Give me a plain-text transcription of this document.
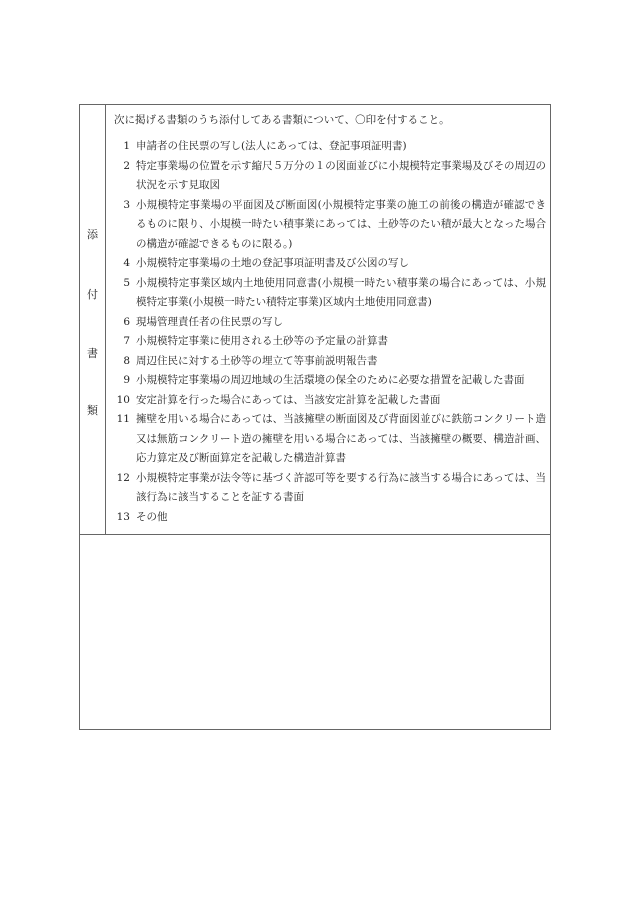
添
付
書
類
次に掲げる書類のうち添付してある書類について、〇印を付すること。
1 申請者の住民票の写し(法人にあっては、登記事項証明書)
2 特定事業場の位置を示す縮尺５万分の１の図面並びに小規模特定事業場及びその周辺の状況を示す見取図
3 小規模特定事業場の平面図及び断面図(小規模特定事業の施工の前後の構造が確認できるものに限り、小規模一時たい積事業にあっては、土砂等のたい積が最大となった場合の構造が確認できるものに限る。)
4 小規模特定事業場の土地の登記事項証明書及び公図の写し
5 小規模特定事業区域内土地使用同意書(小規模一時たい積事業の場合にあっては、小規模特定事業(小規模一時たい積特定事業)区域内土地使用同意書)
6 現場管理責任者の住民票の写し
7 小規模特定事業に使用される土砂等の予定量の計算書
8 周辺住民に対する土砂等の埋立て等事前説明報告書
9 小規模特定事業場の周辺地域の生活環境の保全のために必要な措置を記載した書面
10 安定計算を行った場合にあっては、当該安定計算を記載した書面
11 擁壁を用いる場合にあっては、当該擁壁の断面図及び背面図並びに鉄筋コンクリート造又は無筋コンクリート造の擁壁を用いる場合にあっては、当該擁壁の概要、構造計画、応力算定及び断面算定を記載した構造計算書
12 小規模特定事業が法令等に基づく許認可等を要する行為に該当する場合にあっては、当該行為に該当することを証する書面
13 その他
